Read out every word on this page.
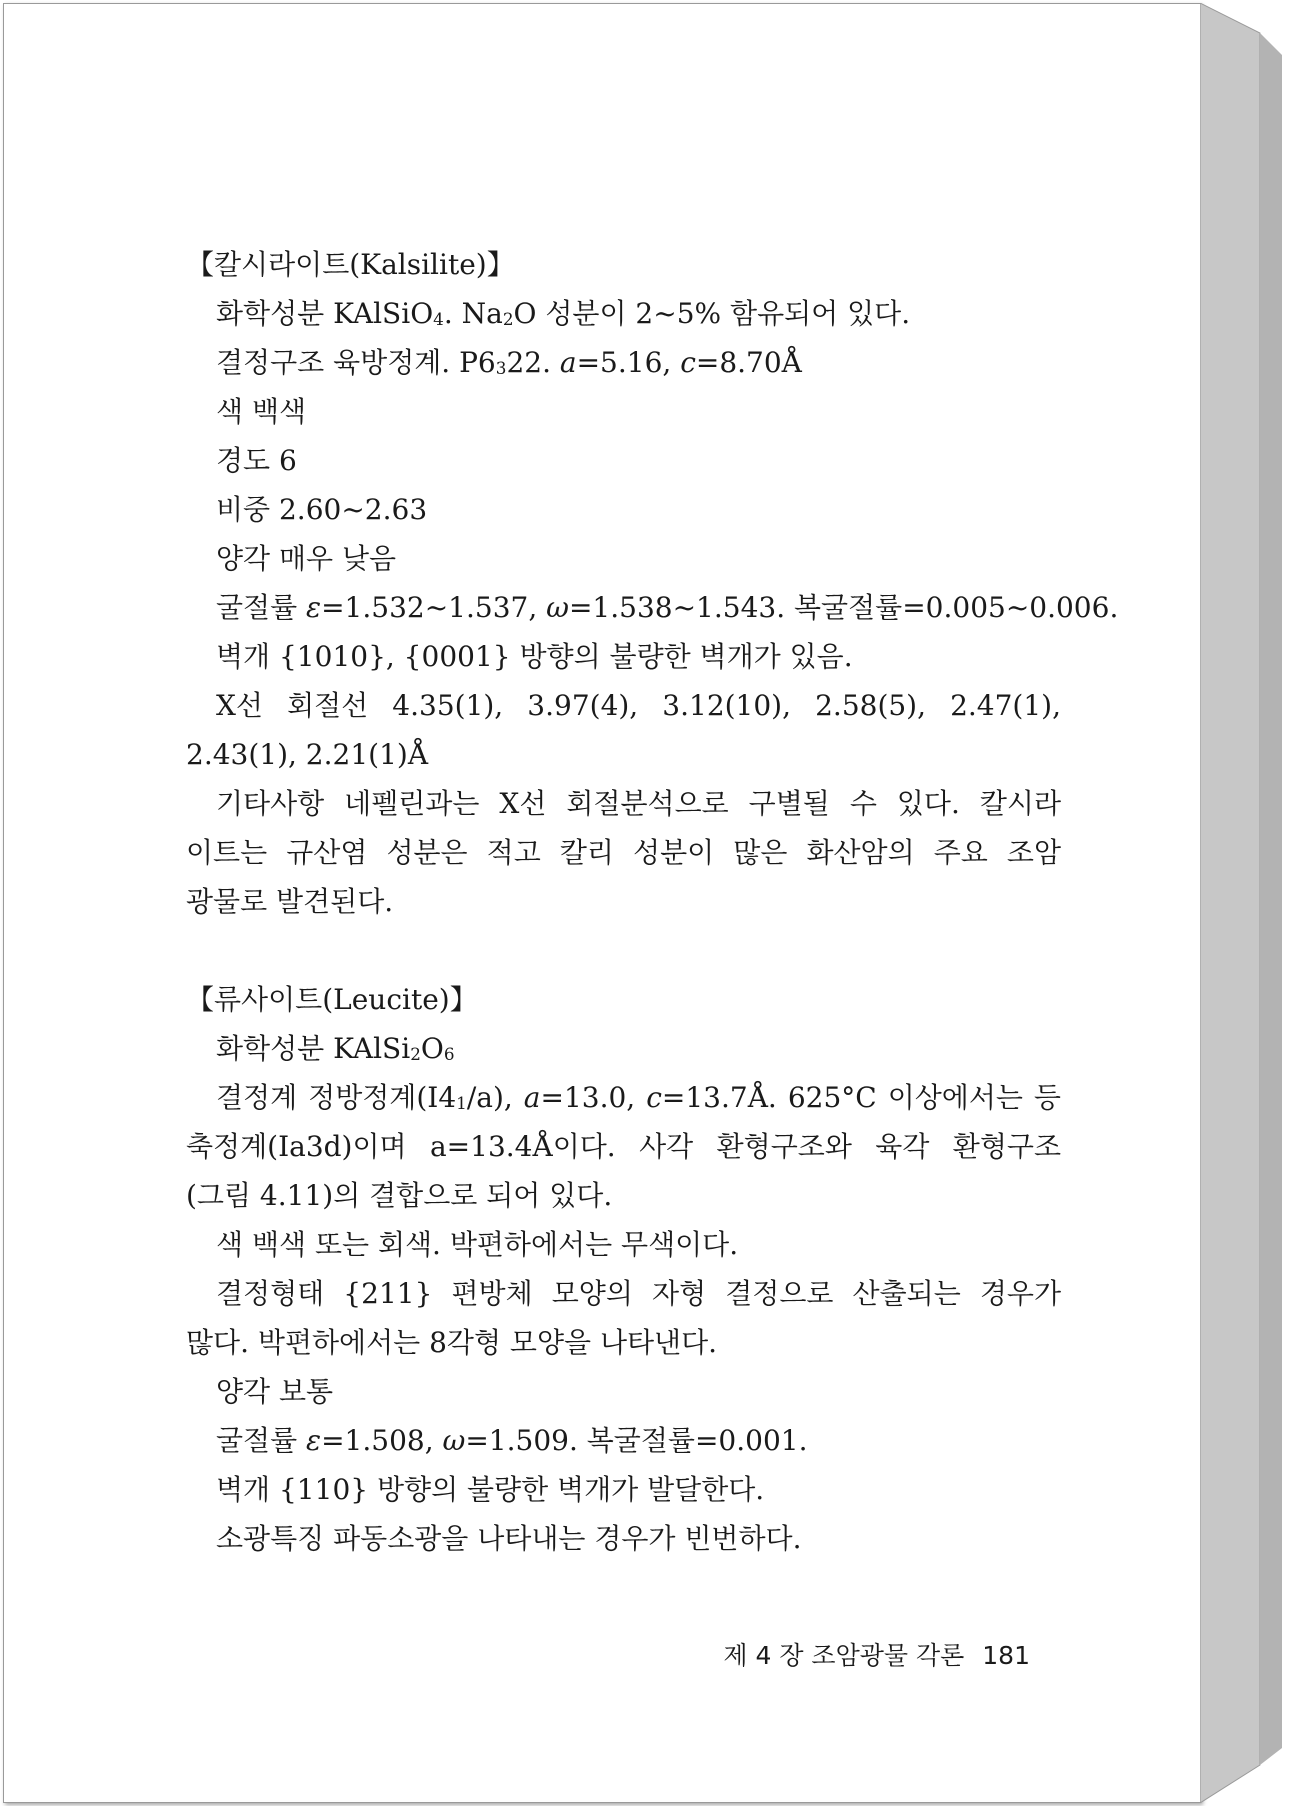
【칼시라이트(Kalsilite)】

화학성분 KAlSiO$_4$. $Na_2O$ 성분이 2~5% 함유되어 있다.

결정구조 육방정계. $P6_322$. a=5.16, c=8.70Å

색 백색

경도 6

비중 2.60~2.63

양각 매우 낮음

굴절률 ε=1.532~1.537, ω=1.538~1.543. 복굴절률=0.005~0.006.

벽개 {1010}, {0001} 방향의 불량한 벽개가 있음.

X선 회절선 4.35(1), 3.97(4), 3.12(10), 2.58(5), 2.47(1),

2.43(1), 2.21(1)Å

기타사항 네펠린과는 X선 회절분석으로 구별될 수 있다. 칼시라

이트는 규산염 성분은 적고 칼리 성분이 많은 화산암의 주요 조암

광물로 발견된다.

【류사이트(Leucite)】

화학성분 $KAlSi_2O_6$

결정계 정방정계$(I4_1/a)$, a=13.0, c=13.7Å. 625°C 이상에서는 등

축정계(Ia3d)이며 a=13.4Å이다. 사각 환형구조와 육각 환형구조

(그림 4.11)의 결합으로 되어 있다.

색 백색 또는 회색. 박편하에서는 무색이다.

결정형태 {211} 편방체 모양의 자형 결정으로 산출되는 경우가

많다. 박편하에서는 8각형 모양을 나타낸다.

양각 보통

굴절률 ε=1.508, ω=1.509. 복굴절률=0.001.

벽개 {110} 방향의 불량한 벽개가 발달한다.

소광특징 파동소광을 나타내는 경우가 빈번하다.

제 4 장 조암광물 각론 181
